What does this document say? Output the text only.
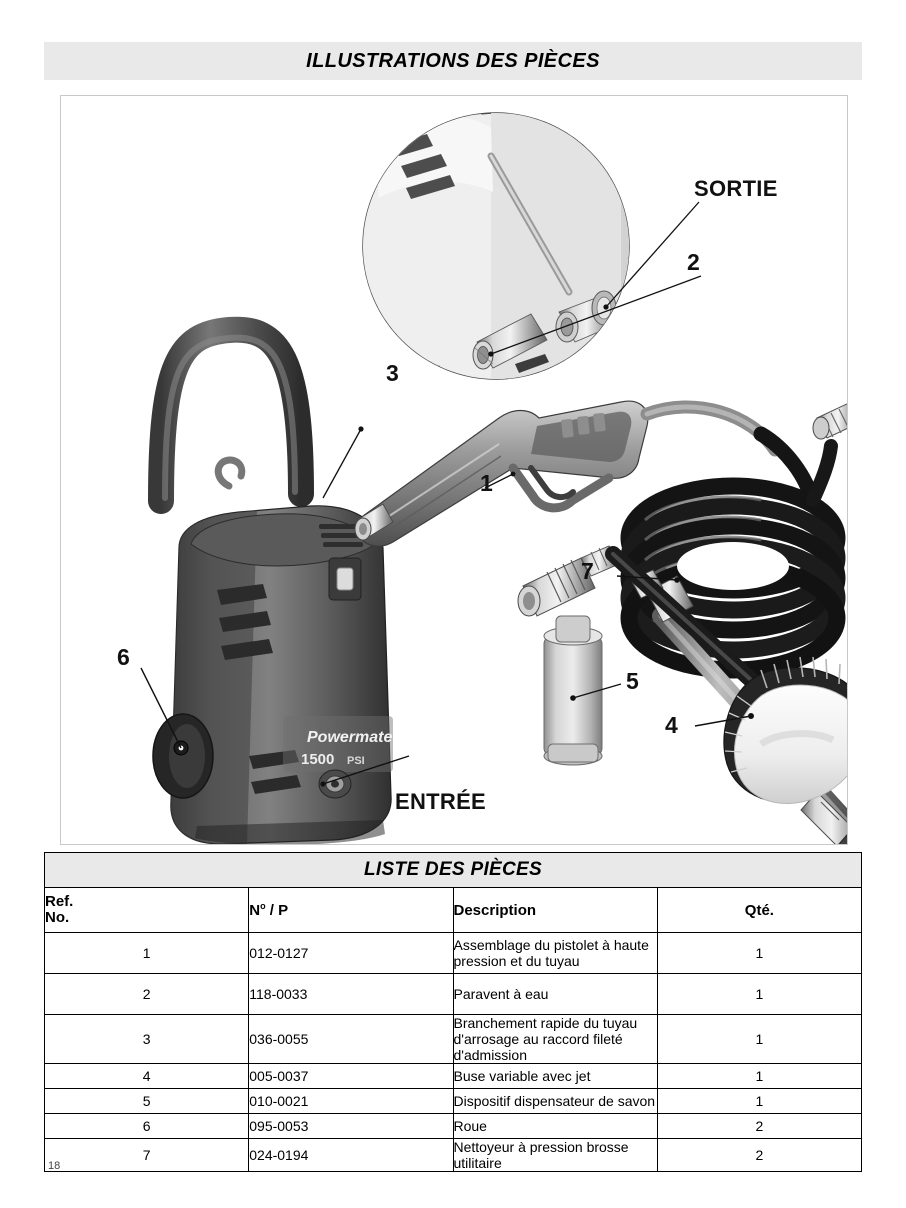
ILLUSTRATIONS DES PIÈCES
Powermate
1500 PSI
SORTIE
2
3
1
7
6
ENTRÉE
5
4
LISTE DES PIÈCES			

Ref.
No.	$N^o$ / P	Description	Qté.
1	012-0127	Assemblage du pistolet à haute pression et du tuyau	1
2	118-0033	Paravent à eau	1
3	036-0055	Branchement rapide du tuyau d'arrosage au raccord fileté d'admission	1
4	005-0037	Buse variable avec jet	1
5	010-0021	Dispositif dispensateur de savon	1
6	095-0053	Roue	2
7	024-0194	Nettoyeur à pression brosse utilitaire	2
18
